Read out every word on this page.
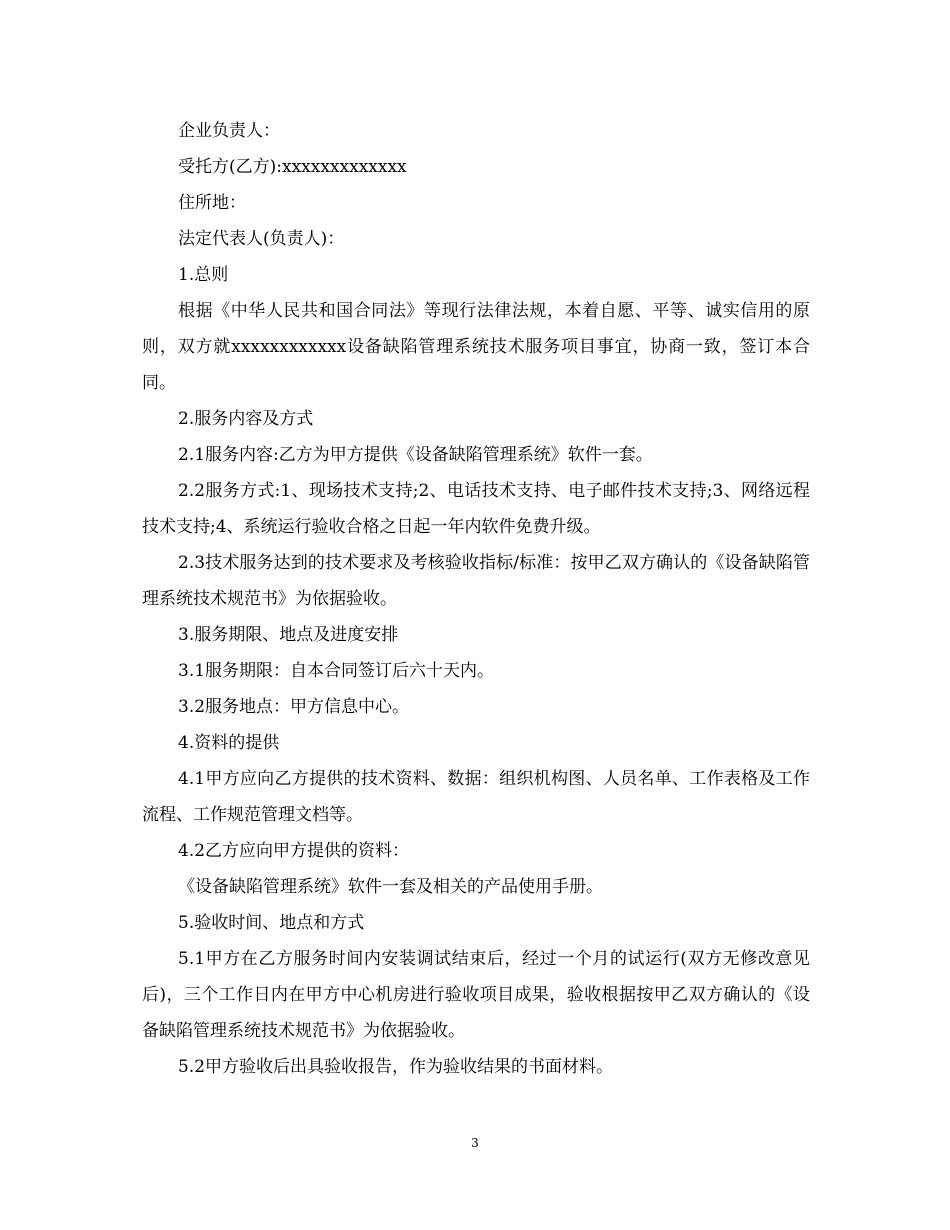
企业负责人：

受托方(乙方):xxxxxxxxxxxxx

住所地：

法定代表人(负责人)：

1.总则

根据《中华人民共和国合同法》等现行法律法规，本着自愿、平等、诚实信用的原则，双方就xxxxxxxxxxxx设备缺陷管理系统技术服务项目事宜，协商一致，签订本合同。

2.服务内容及方式

2.1服务内容:乙方为甲方提供《设备缺陷管理系统》软件一套。

2.2服务方式:1、现场技术支持;2、电话技术支持、电子邮件技术支持;3、网络远程技术支持;4、系统运行验收合格之日起一年内软件免费升级。

2.3技术服务达到的技术要求及考核验收指标/标准：按甲乙双方确认的《设备缺陷管理系统技术规范书》为依据验收。

3.服务期限、地点及进度安排

3.1服务期限：自本合同签订后六十天内。

3.2服务地点：甲方信息中心。

4.资料的提供

4.1甲方应向乙方提供的技术资料、数据：组织机构图、人员名单、工作表格及工作流程、工作规范管理文档等。

4.2乙方应向甲方提供的资料：

《设备缺陷管理系统》软件一套及相关的产品使用手册。

5.验收时间、地点和方式

5.1甲方在乙方服务时间内安装调试结束后，经过一个月的试运行(双方无修改意见后)，三个工作日内在甲方中心机房进行验收项目成果，验收根据按甲乙双方确认的《设备缺陷管理系统技术规范书》为依据验收。

5.2甲方验收后出具验收报告，作为验收结果的书面材料。

3
